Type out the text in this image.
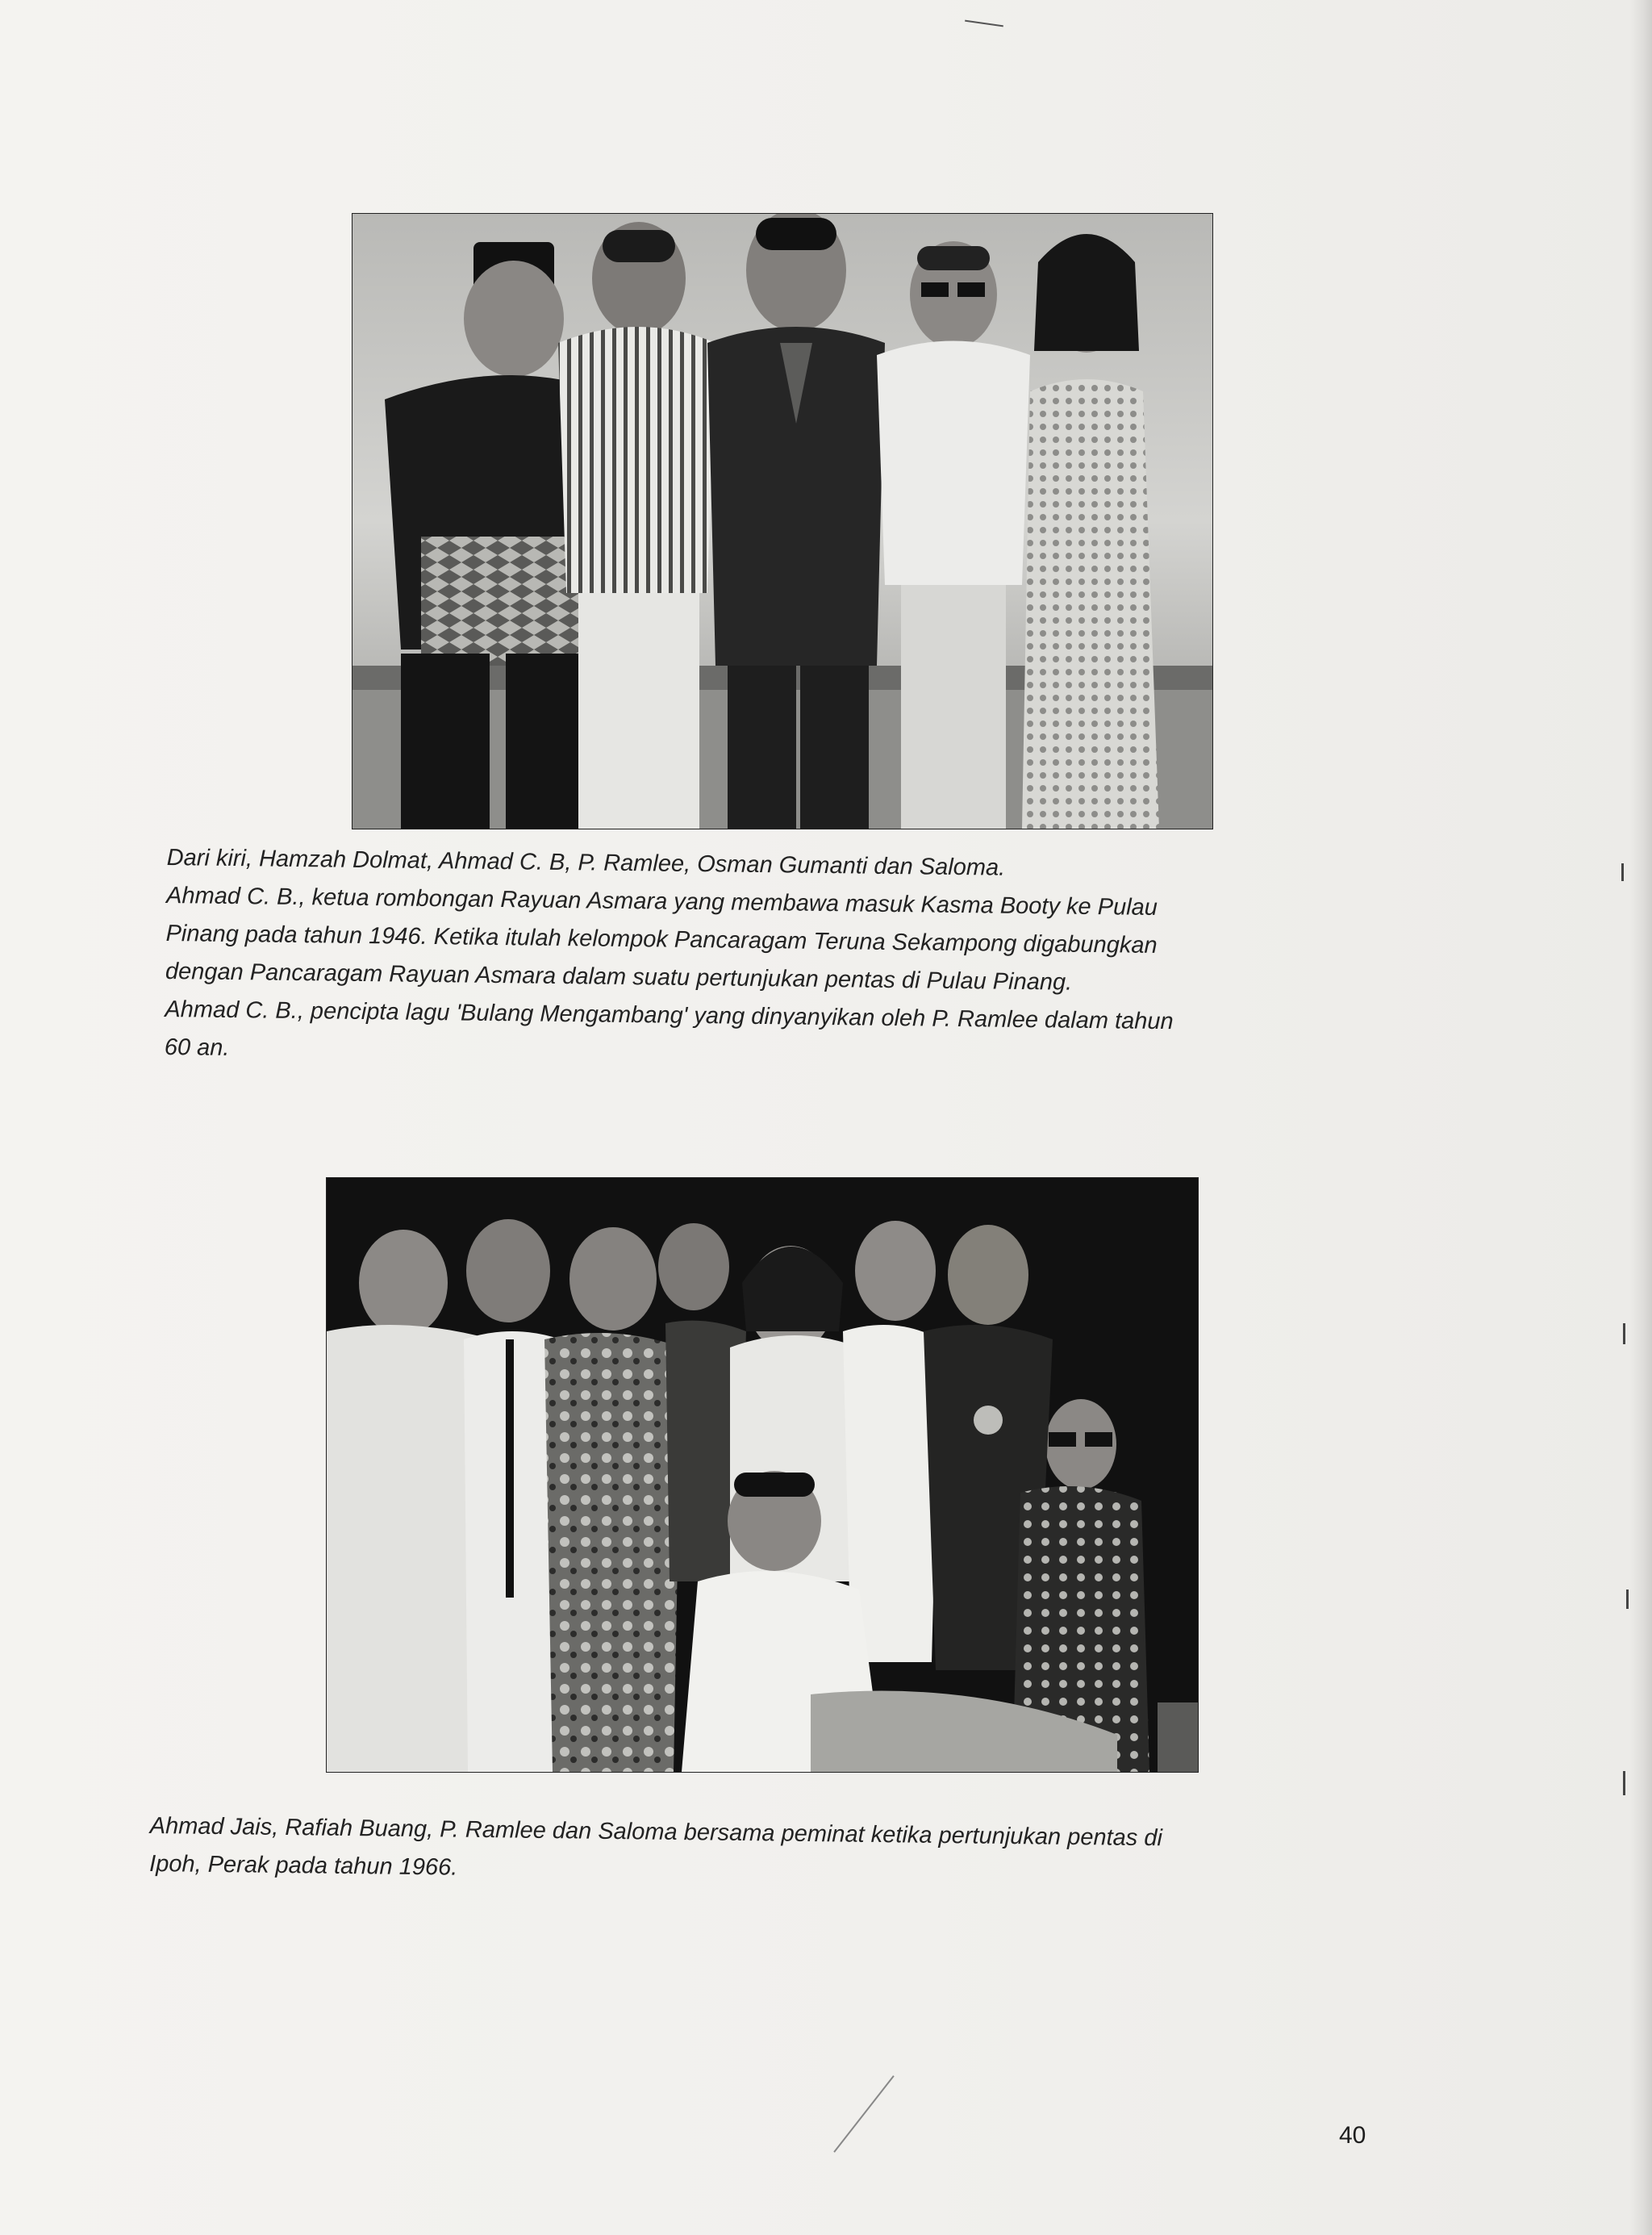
Dari kiri, Hamzah Dolmat, Ahmad C. B, P. Ramlee, Osman Gumanti dan Saloma.

Ahmad C. B., ketua rombongan Rayuan Asmara yang membawa masuk Kasma Booty ke Pulau

Pinang pada tahun 1946. Ketika itulah kelompok Pancaragam Teruna Sekampong digabungkan

dengan Pancaragam Rayuan Asmara dalam suatu pertunjukan pentas di Pulau Pinang.

Ahmad C. B., pencipta lagu 'Bulang Mengambang' yang dinyanyikan oleh P. Ramlee dalam tahun

60 an.

Ahmad Jais, Rafiah Buang, P. Ramlee dan Saloma bersama peminat ketika pertunjukan pentas di

Ipoh, Perak pada tahun 1966.

40
